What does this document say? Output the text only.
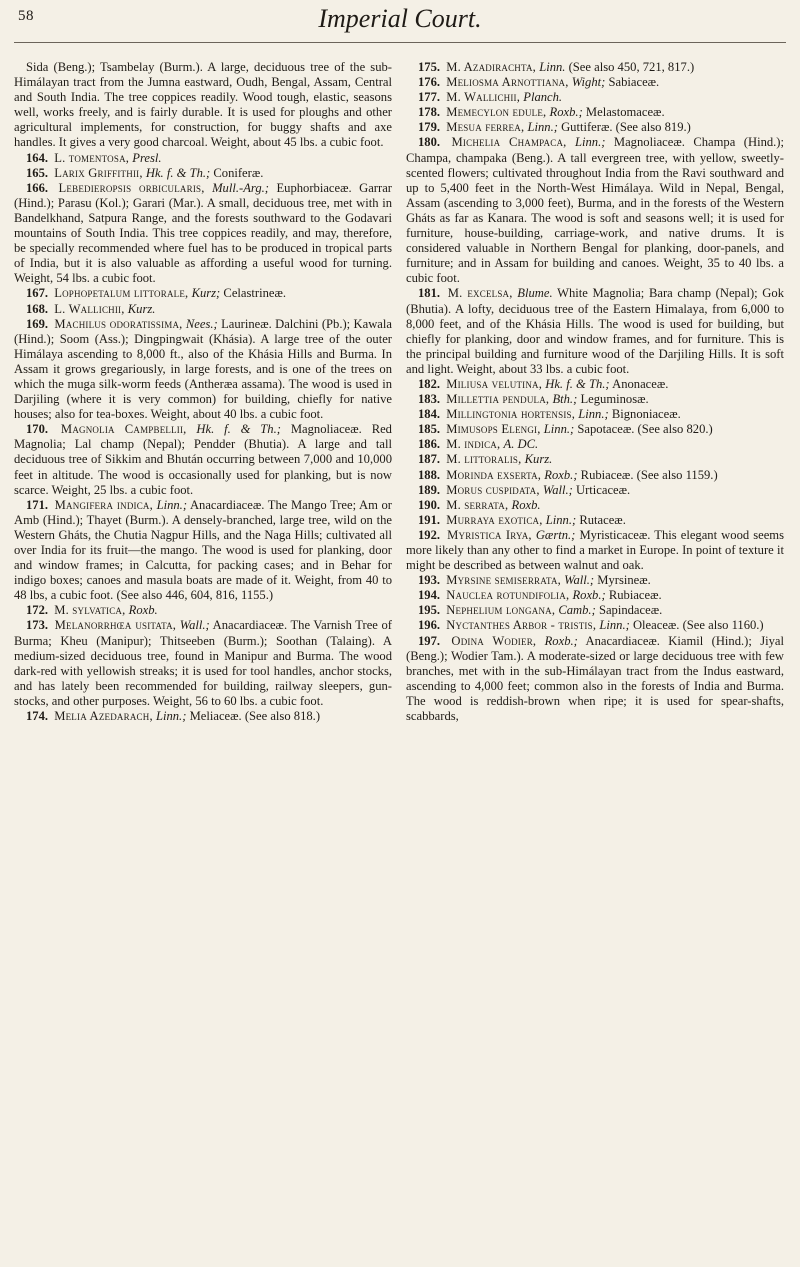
58	Imperial Court.

Sida (Beng.); Tsambelay (Burm.). A large, deciduous tree of the sub-Himálayan tract from the Jumna eastward, Oudh, Bengal, Assam, Central and South India. The tree coppices readily. Wood tough, elastic, seasons well, works freely, and is fairly durable. It is used for ploughs and other agricultural implements, for construction, for buggy shafts and axe handles. It gives a very good charcoal. Weight, about 45 lbs. a cubic foot.

164. L. tomentosa, Presl.

165. Larix Griffithii, Hk. f. & Th.; Coniferæ.

166. Lebedieropsis orbicularis, Mull.-Arg.; Euphorbiaceæ. Garrar (Hind.); Parasu (Kol.); Garari (Mar.). A small, deciduous tree, met with in Bandelkhand, Satpura Range, and the forests southward to the Godavari mountains of South India. This tree coppices readily, and may, therefore, be specially recommended where fuel has to be produced in tropical parts of India, but it is also valuable as affording a useful wood for turning. Weight, 54 lbs. a cubic foot.

167. Lophopetalum littorale, Kurz; Celastrineæ.

168. L. Wallichii, Kurz.

169. Machilus odoratissima, Nees.; Laurineæ. Dalchini (Pb.); Kawala (Hind.); Soom (Ass.); Dingpingwait (Khásia). A large tree of the outer Himálaya ascending to 8,000 ft., also of the Khásia Hills and Burma. In Assam it grows gregariously, in large forests, and is one of the trees on which the muga silk-worm feeds (Antheræa assama). The wood is used in Darjiling (where it is very common) for building, chiefly for native houses; also for tea-boxes. Weight, about 40 lbs. a cubic foot.

170. Magnolia Campbellii, Hk. f. & Th.; Magnoliaceæ. Red Magnolia; Lal champ (Nepal); Pendder (Bhutia). A large and tall deciduous tree of Sikkim and Bhután occurring between 7,000 and 10,000 feet in altitude. The wood is occasionally used for planking, but is now scarce. Weight, 25 lbs. a cubic foot.

171. Mangifera indica, Linn.; Anacardiaceæ. The Mango Tree; Am or Amb (Hind.); Thayet (Burm.). A densely-branched, large tree, wild on the Western Gháts, the Chutia Nagpur Hills, and the Naga Hills; cultivated all over India for its fruit—the mango. The wood is used for planking, door and window frames; in Calcutta, for packing cases; and in Behar for indigo boxes; canoes and masula boats are made of it. Weight, from 40 to 48 lbs, a cubic foot. (See also 446, 604, 816, 1155.)

172. M. sylvatica, Roxb.

173. Melanorrhœa usitata, Wall.; Anacardiaceæ. The Varnish Tree of Burma; Kheu (Manipur); Thitseeben (Burm.); Soothan (Talaing). A medium-sized deciduous tree, found in Manipur and Burma. The wood dark-red with yellowish streaks; it is used for tool handles, anchor stocks, and has lately been recommended for building, railway sleepers, gun-stocks, and other purposes. Weight, 56 to 60 lbs. a cubic foot.

174. Melia Azedarach, Linn.; Meliaceæ. (See also 818.)

175. M. Azadirachta, Linn. (See also 450, 721, 817.)

176. Meliosma Arnottiana, Wight; Sabiaceæ.

177. M. Wallichii, Planch.

178. Memecylon edule, Roxb.; Melastomaceæ.

179. Mesua ferrea, Linn.; Guttiferæ. (See also 819.)

180. Michelia Champaca, Linn.; Magnoliaceæ. Champa (Hind.); Champa, champaka (Beng.). A tall evergreen tree, with yellow, sweetly-scented flowers; cultivated throughout India from the Ravi southward and up to 5,400 feet in the North-West Himálaya. Wild in Nepal, Bengal, Assam (ascending to 3,000 feet), Burma, and in the forests of the Western Gháts as far as Kanara. The wood is soft and seasons well; it is used for furniture, house-building, carriage-work, and native drums. It is considered valuable in Northern Bengal for planking, door-panels, and furniture; and in Assam for building and canoes. Weight, 35 to 40 lbs. a cubic foot.

181. M. excelsa, Blume. White Magnolia; Bara champ (Nepal); Gok (Bhutia). A lofty, deciduous tree of the Eastern Himalaya, from 6,000 to 8,000 feet, and of the Khásia Hills. The wood is used for building, but chiefly for planking, door and window frames, and for furniture. This is the principal building and furniture wood of the Darjiling Hills. It is soft and light. Weight, about 33 lbs. a cubic foot.

182. Miliusa velutina, Hk. f. & Th.; Anonaceæ.

183. Millettia pendula, Bth.; Leguminosæ.

184. Millingtonia hortensis, Linn.; Bignoniaceæ.

185. Mimusops Elengi, Linn.; Sapotaceæ. (See also 820.)

186. M. indica, A. DC.

187. M. littoralis, Kurz.

188. Morinda exserta, Roxb.; Rubiaceæ. (See also 1159.)

189. Morus cuspidata, Wall.; Urticaceæ.

190. M. serrata, Roxb.

191. Murraya exotica, Linn.; Rutaceæ.

192. Myristica Irya, Gærtn.; Myristicaceæ. This elegant wood seems more likely than any other to find a market in Europe. In point of texture it might be described as between walnut and oak.

193. Myrsine semiserrata, Wall.; Myrsineæ.

194. Nauclea rotundifolia, Roxb.; Rubiaceæ.

195. Nephelium longana, Camb.; Sapindaceæ.

196. Nyctanthes Arbor - tristis, Linn.; Oleaceæ. (See also 1160.)

197. Odina Wodier, Roxb.; Anacardiaceæ. Kiamil (Hind.); Jiyal (Beng.); Wodier Tam.). A moderate-sized or large deciduous tree with few branches, met with in the sub-Himálayan tract from the Indus eastward, ascending to 4,000 feet; common also in the forests of India and Burma. The wood is reddish-brown when ripe; it is used for spear-shafts, scabbards,
